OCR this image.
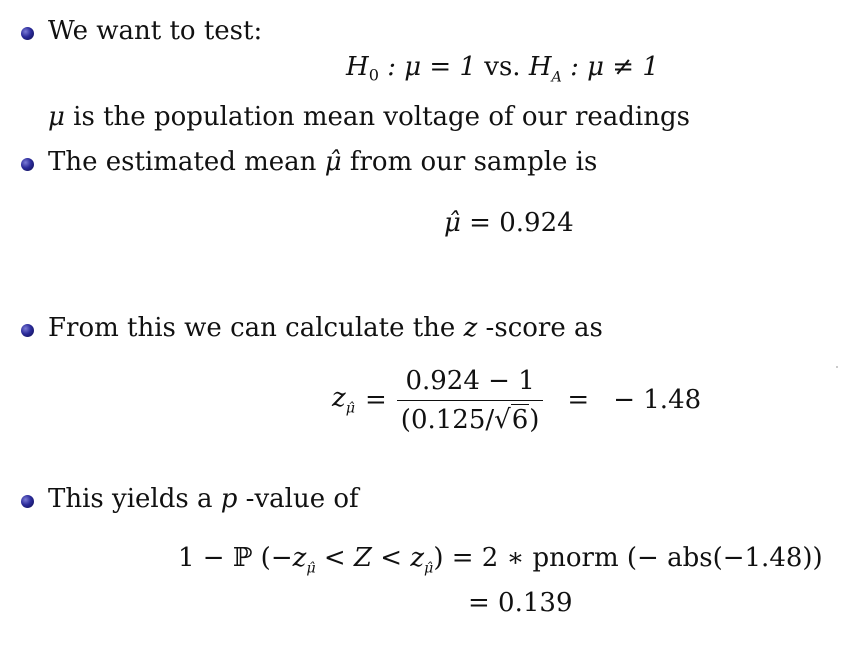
We want to test:
$H_0$ : μ = 1 vs. $H_A$ : μ ≠ 1
μ is the population mean voltage of our readings
The estimated mean μ̂ from our sample is
μ̂ = 0.924
From this we can calculate the z -score as
$z_{\mû} = \frac{0.924 - 1}{(0.125/√6)}$ = − 1.48
This yields a p -value of
1 − ℙ $(-z_{\mû} < Z < z_{\mû}) = 2$ ∗ pnorm (− abs(−1.48))
= 0.139
